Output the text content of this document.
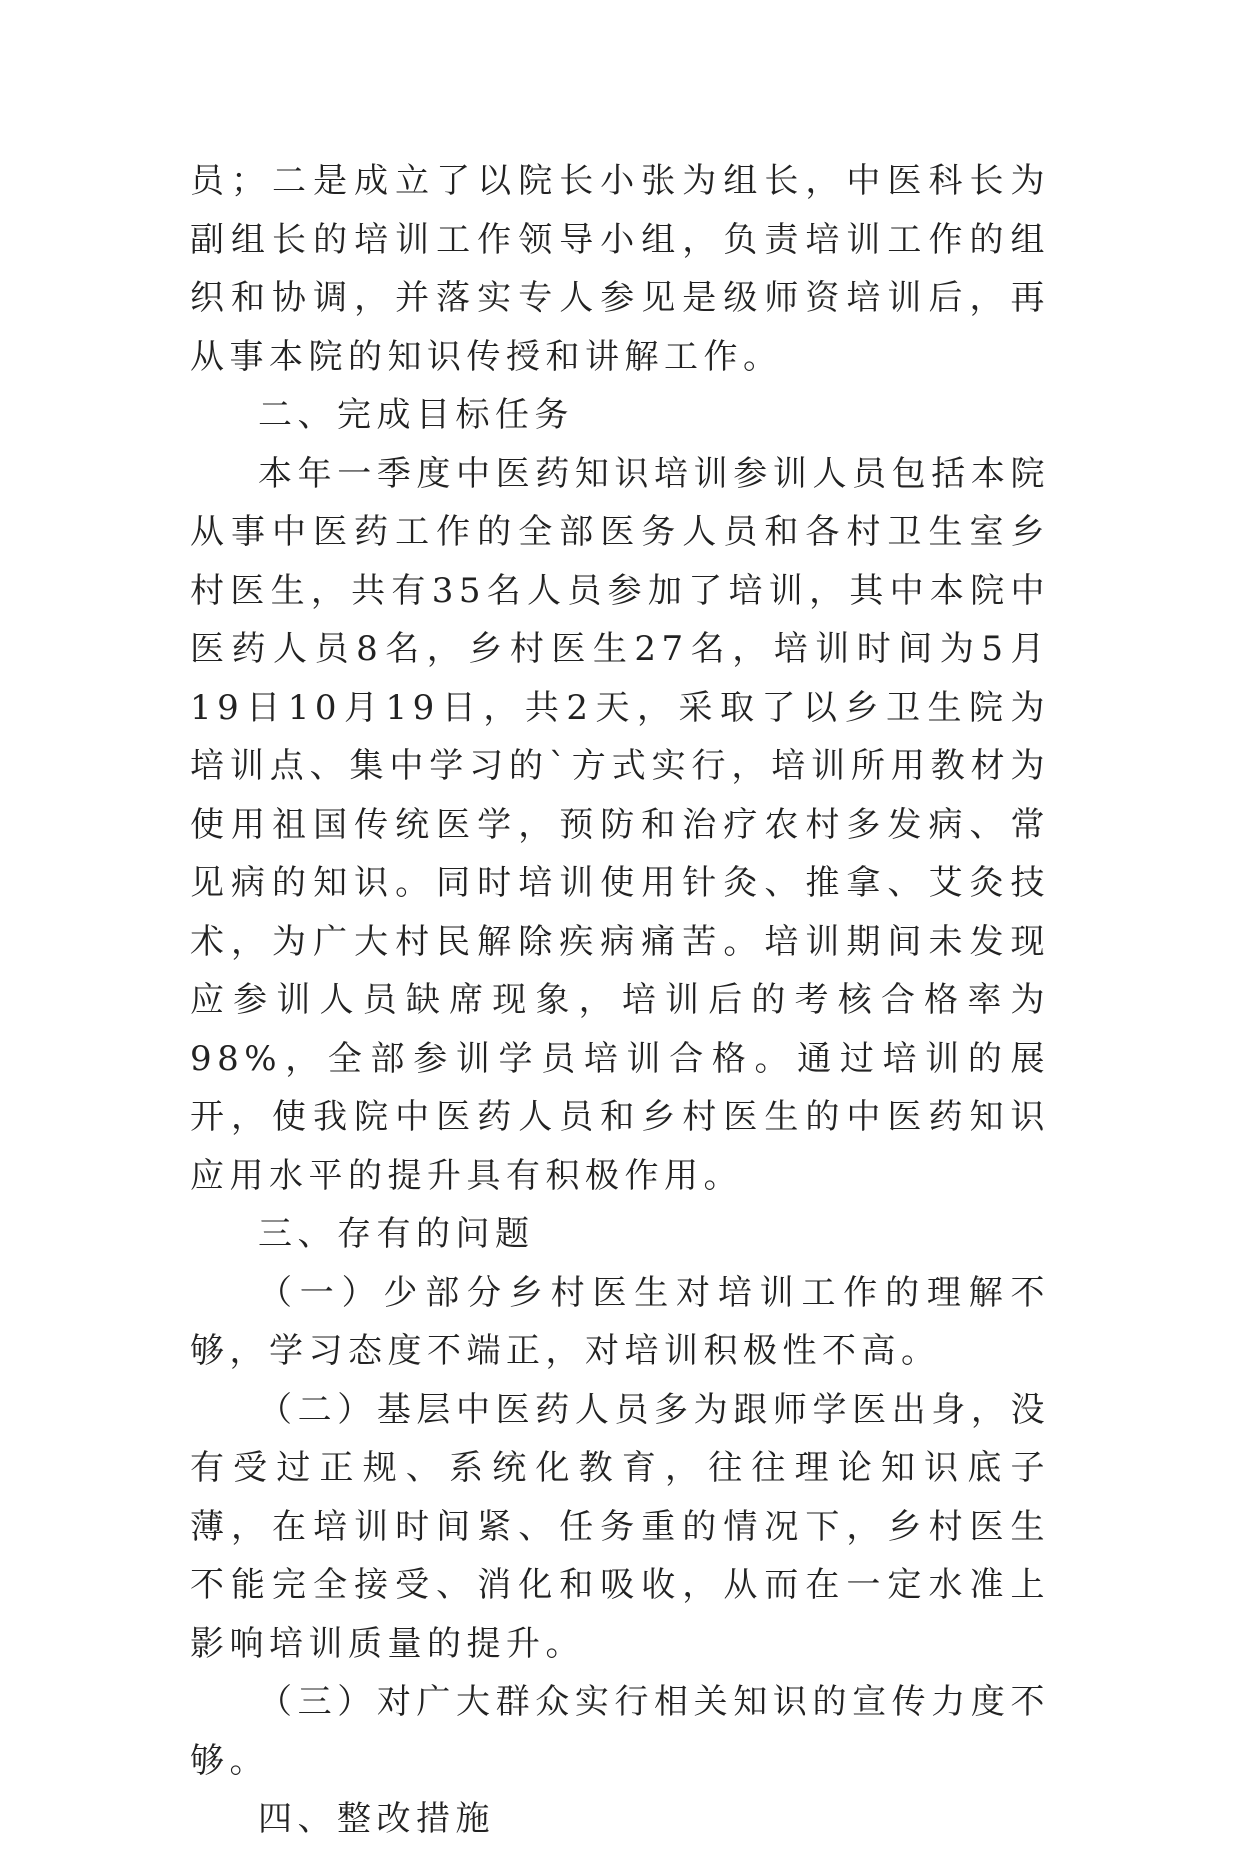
员；二是成立了以院长小张为组长，中医科长为副组长的培训工作领导小组，负责培训工作的组织和协调，并落实专人参见是级师资培训后，再从事本院的知识传授和讲解工作。

二、完成目标任务

本年一季度中医药知识培训参训人员包括本院从事中医药工作的全部医务人员和各村卫生室乡村医生，共有35名人员参加了培训，其中本院中医药人员8名，乡村医生27名，培训时间为5月19日10月19日，共2天，采取了以乡卫生院为培训点、集中学习的`方式实行，培训所用教材为使用祖国传统医学，预防和治疗农村多发病、常见病的知识。同时培训使用针灸、推拿、艾灸技术，为广大村民解除疾病痛苦。培训期间未发现应参训人员缺席现象，培训后的考核合格率为98%，全部参训学员培训合格。通过培训的展开，使我院中医药人员和乡村医生的中医药知识应用水平的提升具有积极作用。

三、存有的问题

（一）少部分乡村医生对培训工作的理解不够，学习态度不端正，对培训积极性不高。

（二）基层中医药人员多为跟师学医出身，没有受过正规、系统化教育，往往理论知识底子薄，在培训时间紧、任务重的情况下，乡村医生不能完全接受、消化和吸收，从而在一定水准上影响培训质量的提升。

（三）对广大群众实行相关知识的宣传力度不够。

四、整改措施
